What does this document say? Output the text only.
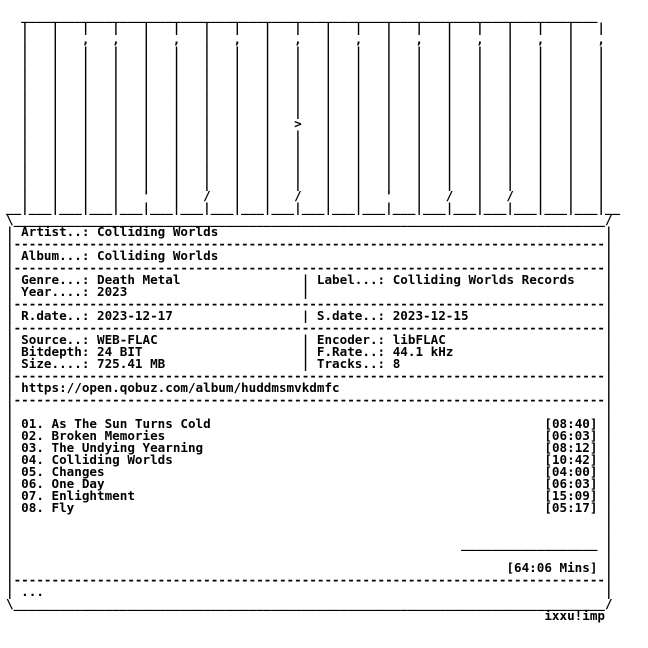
____________________________________________________________________________
|   |   |   |   |   |   |   |   |   |   |   |   |   |   |   |   |   |   |   |
|   |   ,   ,   |   ,   |   ,   |   ,   |   ,   |   ,   |   ,   |   ,   |   ,
|   |   |   |   |   |   |   |   |   |   |   |   |   |   |   |   |   |   |   |
|   |   |   |   |   |   |   |   |   |   |   |   |   |   |   |   |   |   |   |
|   |   |   |   |   |   |   |   |   |   |   |   |   |   |   |   |   |   |   |
|   |   |   |   |   |   |   |   |   |   |   |   |   |   |   |   |   |   |   |
|   |   |   |   |   |   |   |   |   |   |   |   |   |   |   |   |   |   |   |
|   |   |   |   |   |   |   |   |   |   |   |   |   |   |   |   |   |   |   |
|   |   |   |   |   |   |   |   |   >   |   |   |   |   |   |   |   |   |   |
|   |   |   |   |   |   |   |   |   |   |   |   |   |   |   |   |   |   |   |
|   |   |   |   |   |   |   |   |   |   |   |   |   |   |   |   |   |   |   |
|   |   |   |   |   |   |   |   |   |   |   |   |   |   |   |   |   |   |   |
|   |   |   |   |   |   |   |   |   |   |   |   |   |   |   |   |   |   |   |
|   |   |   |   |   |   |   |   |   |   |   |   |   |   |   |   |   |   |   |
|   |   |   |   '   |   /   |   |   /   |   |   '   |   /   |   /   |   |   |
__|___|___|___|___|___|___|___|___|___|___|___|___|___|___|___|___|___|___|___|__
\______________________________________________________________________________/
| Artist..: Colliding Worlds                                                   |
|------------------------------------------------------------------------------|
| Album...: Colliding Worlds                                                   |
|------------------------------------------------------------------------------|
| Genre...: Death Metal                | Label...: Colliding Worlds Records    |
| Year....: 2023                       |	|
|------------------------------------------------------------------------------|
| R.date..: 2023-12-17                 | S.date..: 2023-12-15                  |
|------------------------------------------------------------------------------|
| Source..: WEB-FLAC                   | Encoder.: libFLAC                     |
| Bitdepth: 24 BIT                     | F.Rate..: 44.1 kHz                    |
| Size....: 725.41 MB                  | Tracks..: 8                           |
|------------------------------------------------------------------------------|
| https://open.qobuz.com/album/huddmsmvkdmfc                                   |
|------------------------------------------------------------------------------|
|	|
| 01. As The Sun Turns Cold	[08:40] |
| 02. Broken Memories	[06:03] |
| 03. The Undying Yearning	[08:12] |
| 04. Colliding Worlds	[10:42] |
| 05. Changes	[04:00] |
| 06. One Day	[06:03] |
| 07. Enlightment	[15:09] |
| 08. Fly	[05:17] |
|	|
|	|
|	__________________ |
|	|
|	[64:06 Mins] |
|------------------------------------------------------------------------------|
| ...                                                                          |
\______________________________________________________________________________/
ixxu!imp
